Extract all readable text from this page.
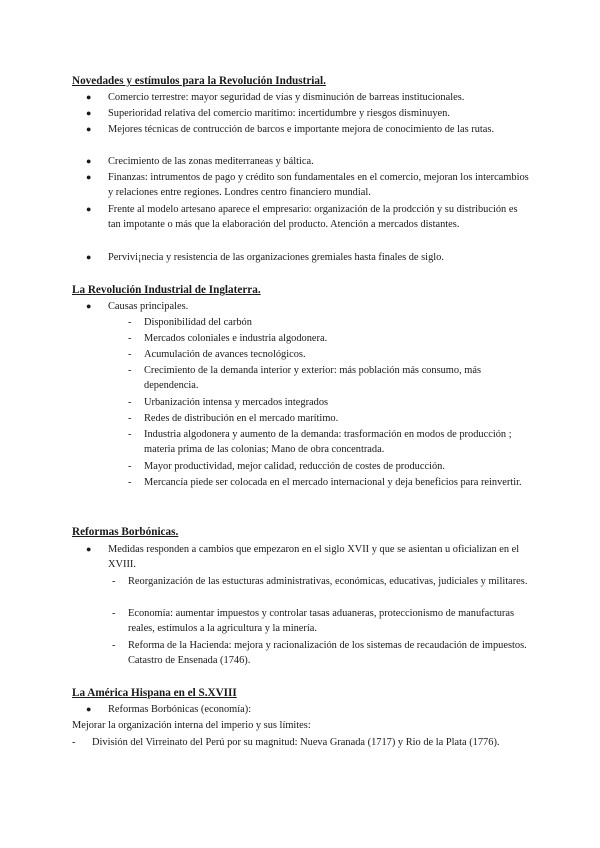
Novedades y estímulos para la Revolución Industrial.
● Comercio terrestre: mayor seguridad de vías y disminución de barreas institucionales.
● Superioridad relativa del comercio marítimo: incertidumbre y riesgos disminuyen.
● Mejores técnicas de contrucción de barcos e importante mejora de conocimiento de las rutas.
● Crecimiento de las zonas mediterraneas y báltica.
● Finanzas: intrumentos de pago y crédito son fundamentales en el comercio, mejoran los intercambios y relaciones entre regiones. Londres centro financiero mundial.
● Frente al modelo artesano aparece el empresario: organización de la prodcción y su distribución es tan impotante o más que la elaboración del producto. Atención a mercados distantes.
● Pervivi¡necia y resistencia de las organizaciones gremiales hasta finales de siglo.
La Revolución Industrial de Inglaterra.
● Causas principales.
- Disponibilidad del carbón
- Mercados coloniales e industria algodonera.
- Acumulación de avances tecnológicos.
- Crecimiento de la demanda interior y exterior: más población más consumo, más dependencia.
- Urbanización intensa y mercados integrados
- Redes de distribución en el mercado marítimo.
- Industria algodonera y aumento de la demanda: trasformación en modos de producción ; materia prima de las colonias; Mano de obra concentrada.
- Mayor productividad, mejor calidad, reducción de costes de producción.
- Mercancía piede ser colocada en el mercado internacional y deja beneficios para reinvertir.
Reformas Borbónicas.
● Medidas responden a cambios que empezaron en el siglo XVII y que se asientan u oficializan en el XVIII.
- Reorganización de las estucturas administrativas, económicas, educativas, judiciales y militares.
- Economía: aumentar impuestos y controlar tasas aduaneras, proteccionismo de manufacturas reales, estímulos a la agricultura y la minería.
- Reforma de la Hacienda: mejora y racionalización de los sistemas de recaudación de impuestos. Catastro de Ensenada (1746).
La América Hispana en el S.XVIII
● Reformas Borbónicas (economía):
Mejorar la organización interna del imperio y sus límites:
- División del Virreinato del Perú por su magnitud: Nueva Granada (1717) y Rio de la Plata (1776).
